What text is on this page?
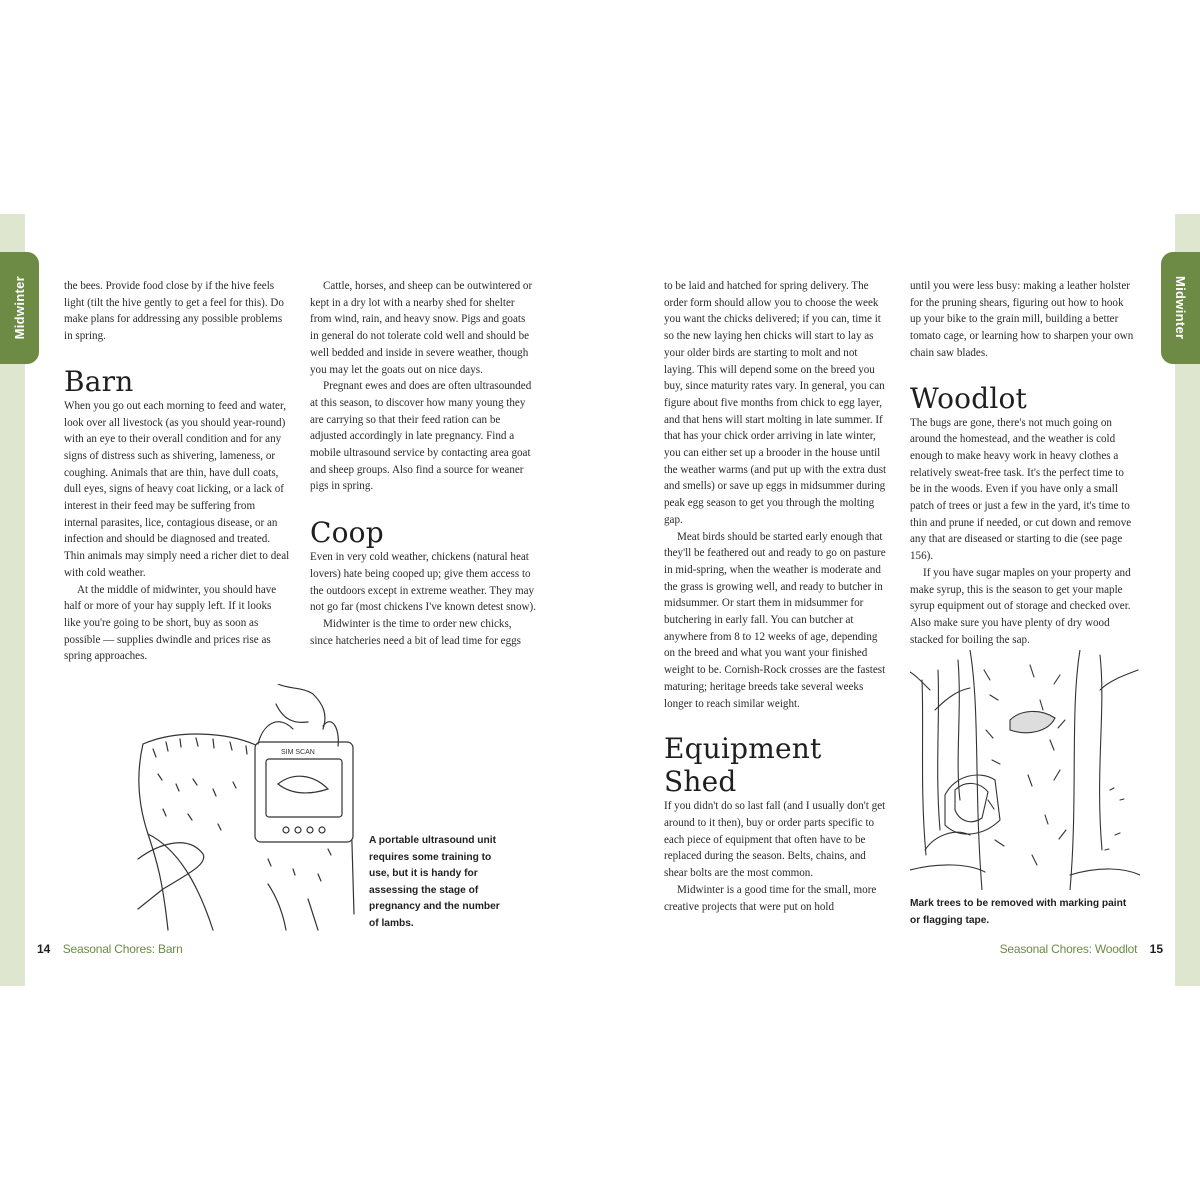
Midwinter	Midwinter

the bees. Provide food close by if the hive feels light (tilt the hive gently to get a feel for this). Do make plans for addressing any possible problems in spring.

Barn

When you go out each morning to feed and water, look over all livestock (as you should year-round) with an eye to their overall condition and for any signs of distress such as shivering, lameness, or coughing. Animals that are thin, have dull coats, dull eyes, signs of heavy coat licking, or a lack of interest in their feed may be suffering from internal parasites, lice, contagious disease, or an infection and should be diagnosed and treated. Thin animals may simply need a richer diet to deal with cold weather.

At the middle of midwinter, you should have half or more of your hay supply left. If it looks like you're going to be short, buy as soon as possible — supplies dwindle and prices rise as spring approaches.

Cattle, horses, and sheep can be outwintered or kept in a dry lot with a nearby shed for shelter from wind, rain, and heavy snow. Pigs and goats in general do not tolerate cold well and should be well bedded and inside in severe weather, though you may let the goats out on nice days.

Pregnant ewes and does are often ultrasounded at this season, to discover how many young they are carrying so that their feed ration can be adjusted accordingly in late pregnancy. Find a mobile ultrasound service by contacting area goat and sheep groups. Also find a source for weaner pigs in spring.

Coop

Even in very cold weather, chickens (natural heat lovers) hate being cooped up; give them access to the outdoors except in extreme weather. They may not go far (most chickens I've known detest snow).

Midwinter is the time to order new chicks, since hatcheries need a bit of lead time for eggs

SIM SCAN
A portable ultrasound unit requires some training to use, but it is handy for assessing the stage of pregnancy and the number of lambs.

to be laid and hatched for spring delivery. The order form should allow you to choose the week you want the chicks delivered; if you can, time it so the new laying hen chicks will start to lay as your older birds are starting to molt and not laying. This will depend some on the breed you buy, since maturity rates vary. In general, you can figure about five months from chick to egg layer, and that hens will start molting in late summer. If that has your chick order arriving in late winter, you can either set up a brooder in the house until the weather warms (and put up with the extra dust and smells) or save up eggs in midsummer during peak egg season to get you through the molting gap.

Meat birds should be started early enough that they'll be feathered out and ready to go on pasture in mid-spring, when the weather is moderate and the grass is growing well, and ready to butcher in midsummer. Or start them in midsummer for butchering in early fall. You can butcher at anywhere from 8 to 12 weeks of age, depending on the breed and what you want your finished weight to be. Cornish-Rock crosses are the fastest maturing; heritage breeds take several weeks longer to reach similar weight.

Equipment
Shed

If you didn't do so last fall (and I usually don't get around to it then), buy or order parts specific to each piece of equipment that often have to be replaced during the season. Belts, chains, and shear bolts are the most common.

Midwinter is a good time for the small, more creative projects that were put on hold

until you were less busy: making a leather holster for the pruning shears, figuring out how to hook up your bike to the grain mill, building a better tomato cage, or learning how to sharpen your own chain saw blades.

Woodlot

The bugs are gone, there's not much going on around the homestead, and the weather is cold enough to make heavy work in heavy clothes a relatively sweat-free task. It's the perfect time to be in the woods. Even if you have only a small patch of trees or just a few in the yard, it's time to thin and prune if needed, or cut down and remove any that are diseased or starting to die (see page 156).

If you have sugar maples on your property and make syrup, this is the season to get your maple syrup equipment out of storage and checked over. Also make sure you have plenty of dry wood stacked for boiling the sap.

Mark trees to be removed with marking paint or flagging tape.
14 Seasonal Chores: Barn	Seasonal Chores: Woodlot 15
